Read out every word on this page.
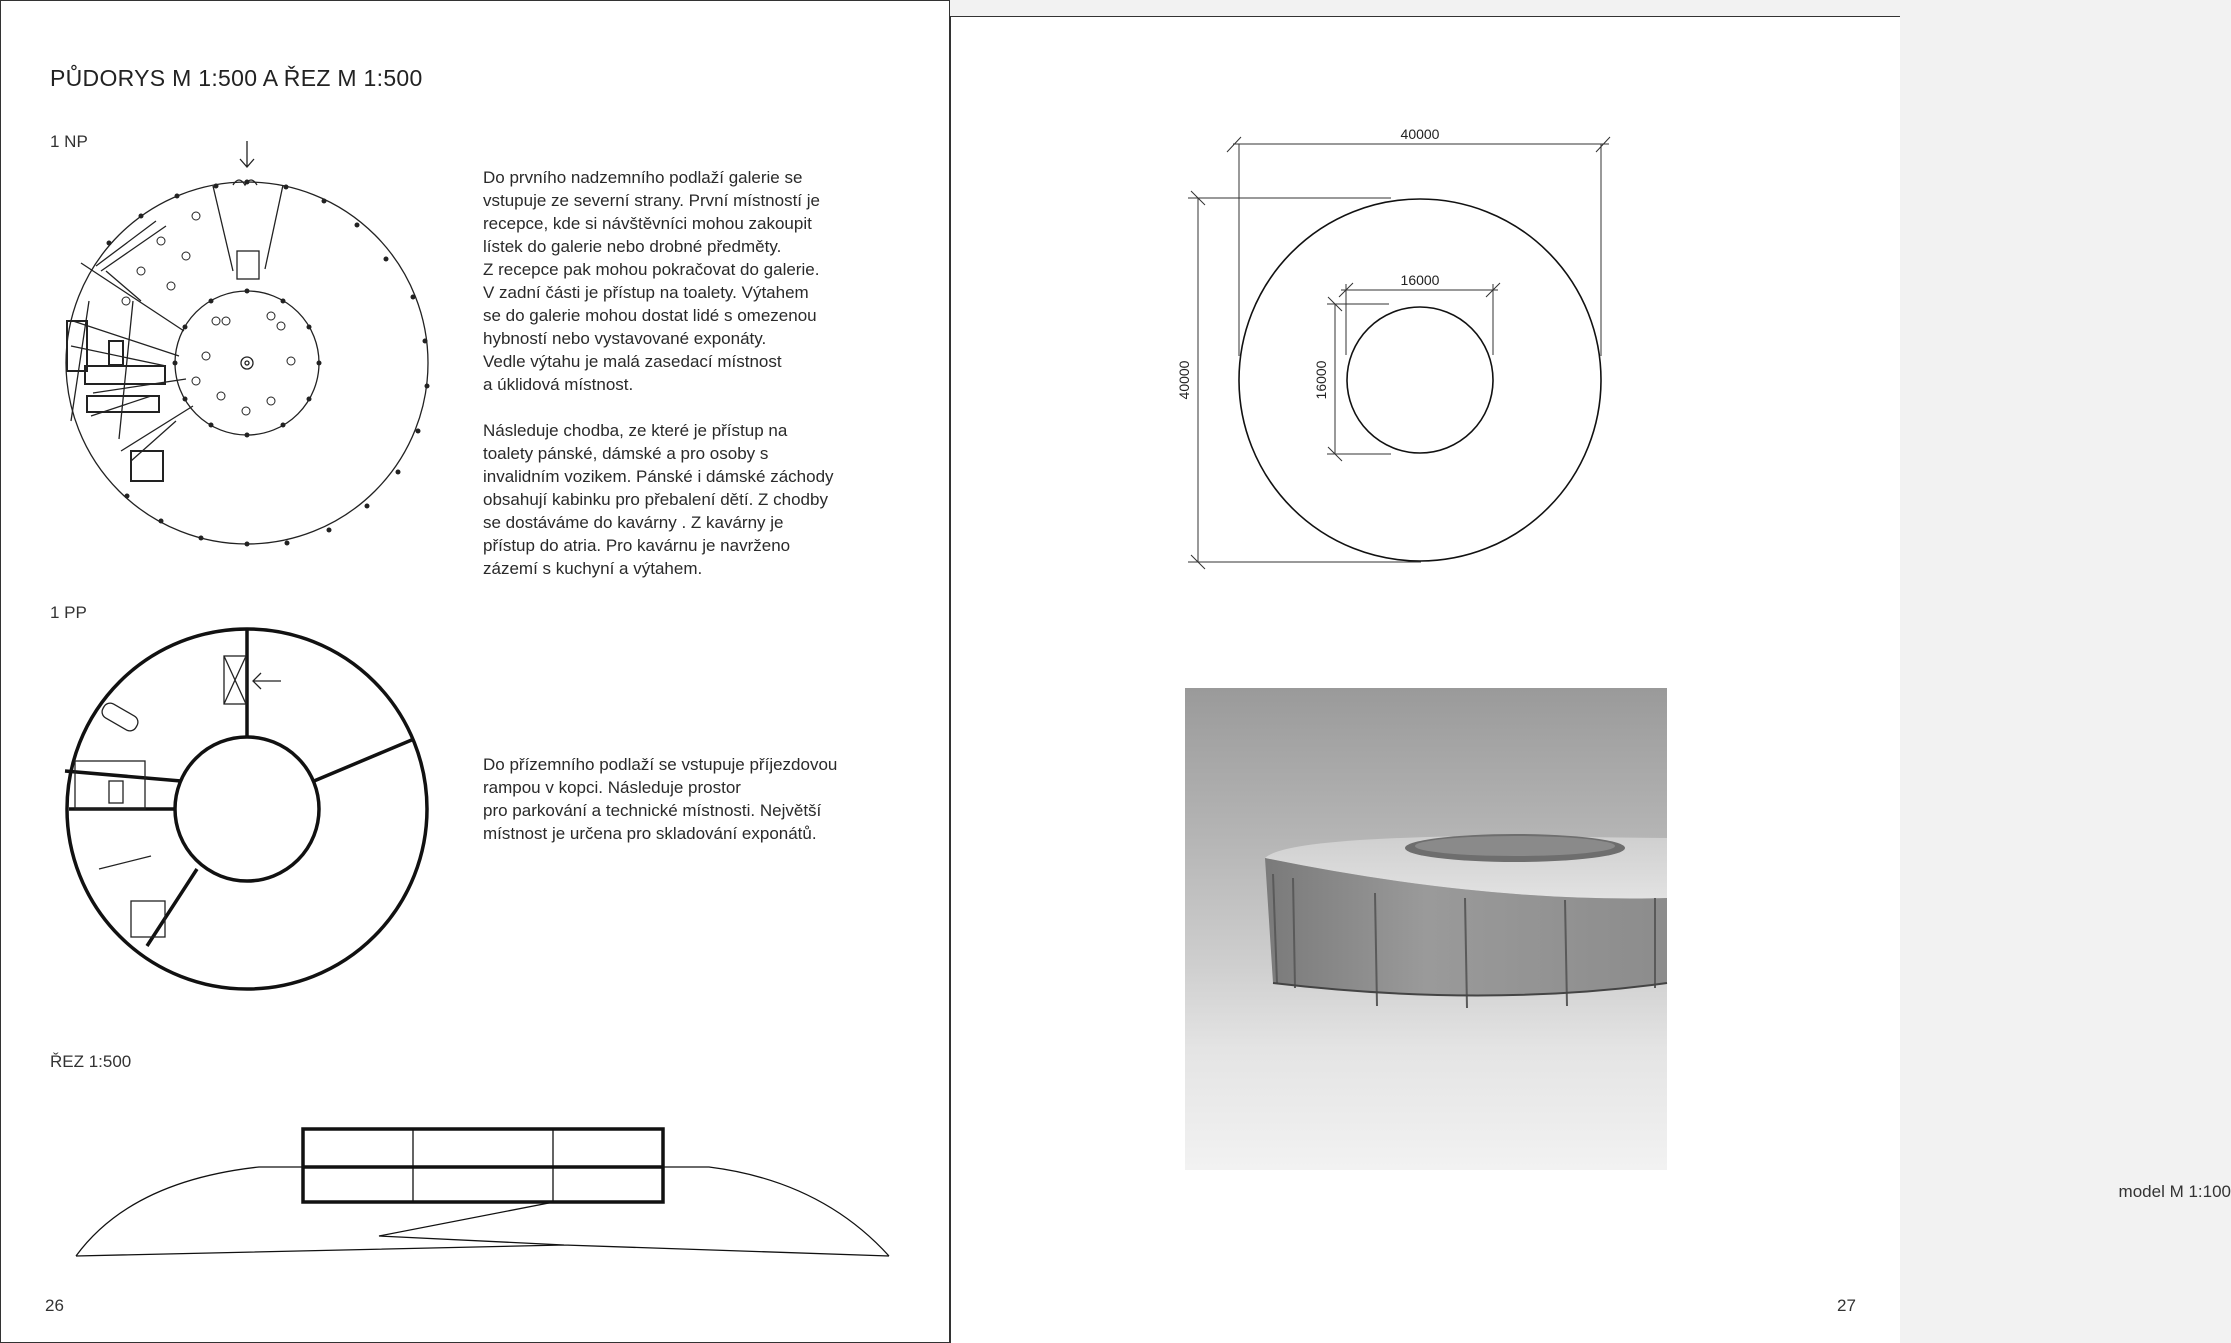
PŮDORYS M 1:500 A ŘEZ M 1:500
1 NP

Do prvního nadzemního podlaží galerie se
vstupuje ze severní strany. První místností je
recepce, kde si návštěvníci mohou zakoupit
lístek do galerie nebo drobné předměty.
Z recepce pak mohou pokračovat do galerie.
V zadní části je přístup na toalety. Výtahem
se do galerie mohou dostat lidé s omezenou
hybností nebo vystavované exponáty.
Vedle výtahu je malá zasedací místnost
a úklidová místnost.

Následuje chodba, ze které je přístup na
toalety pánské, dámské a pro osoby s
invalidním vozikem. Pánské i dámské záchody
obsahují kabinku pro přebalení dětí. Z chodby
se dostáváme do kavárny . Z kavárny je
přístup do atria. Pro kavárnu je navrženo
zázemí s kuchyní a výtahem.

1 PP

Do přízemního podlaží se vstupuje příjezdovou
rampou v kopci. Následuje prostor
pro parkování a technické místnosti. Největší
místnost je určena pro skladování exponátů.

ŘEZ 1:500
26
40000
16000
40000	16000
model M 1:100
27
